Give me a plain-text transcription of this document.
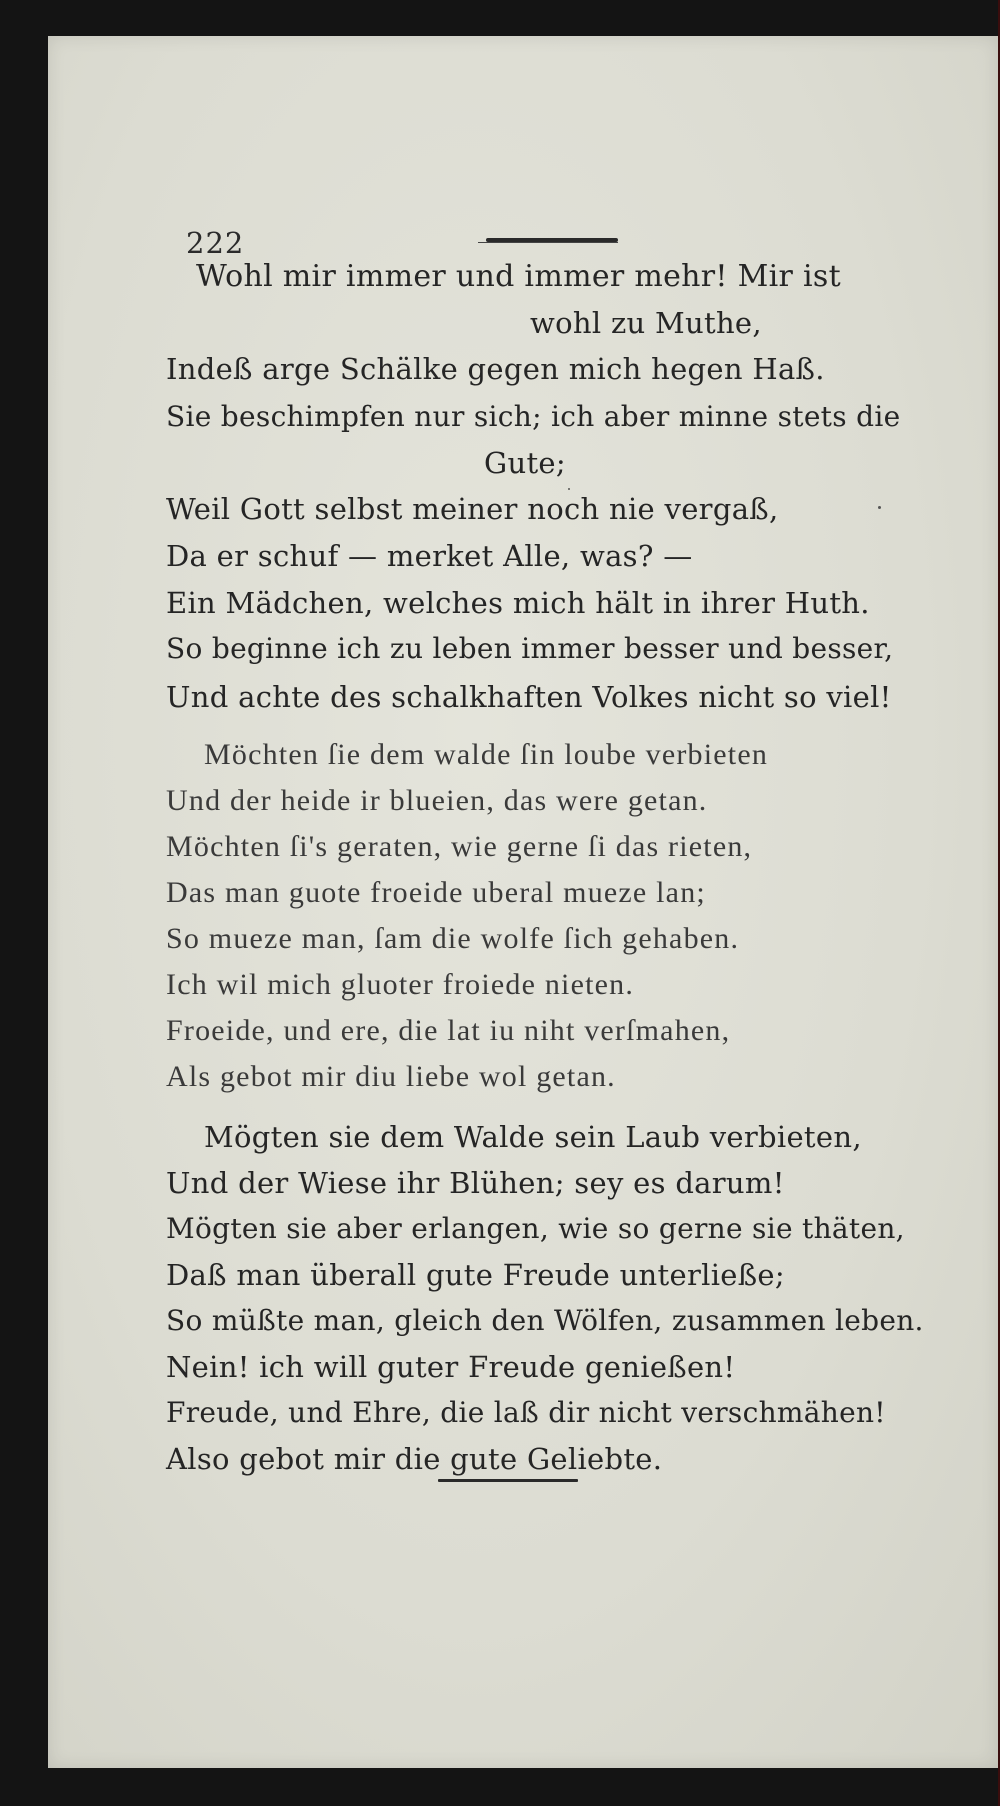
222
Wohl mir immer und immer mehr! Mir ist
wohl zu Muthe,
Indeß arge Schälke gegen mich hegen Haß.
Sie beschimpfen nur sich; ich aber minne stets die
Gute;
Weil Gott selbst meiner noch nie vergaß,
Da er schuf — merket Alle, was? —
Ein Mädchen, welches mich hält in ihrer Huth.
So beginne ich zu leben immer besser und besser,
Und achte des schalkhaften Volkes nicht so viel!
Möchten ſie dem walde ſin loube verbieten
Und der heide ir blueien, das were getan.
Möchten ſi's geraten, wie gerne ſi das rieten,
Das man guote froeide uberal mueze lan;
So mueze man, ſam die wolfe ſich gehaben.
Ich wil mich gluoter froiede nieten.
Froeide, und ere, die lat iu niht verſmahen,
Als gebot mir diu liebe wol getan.
Mögten sie dem Walde sein Laub verbieten,
Und der Wiese ihr Blühen; sey es darum!
Mögten sie aber erlangen, wie so gerne sie thäten,
Daß man überall gute Freude unterließe;
So müßte man, gleich den Wölfen, zusammen leben.
Nein! ich will guter Freude genießen!
Freude, und Ehre, die laß dir nicht verschmähen!
Also gebot mir die gute Geliebte.
